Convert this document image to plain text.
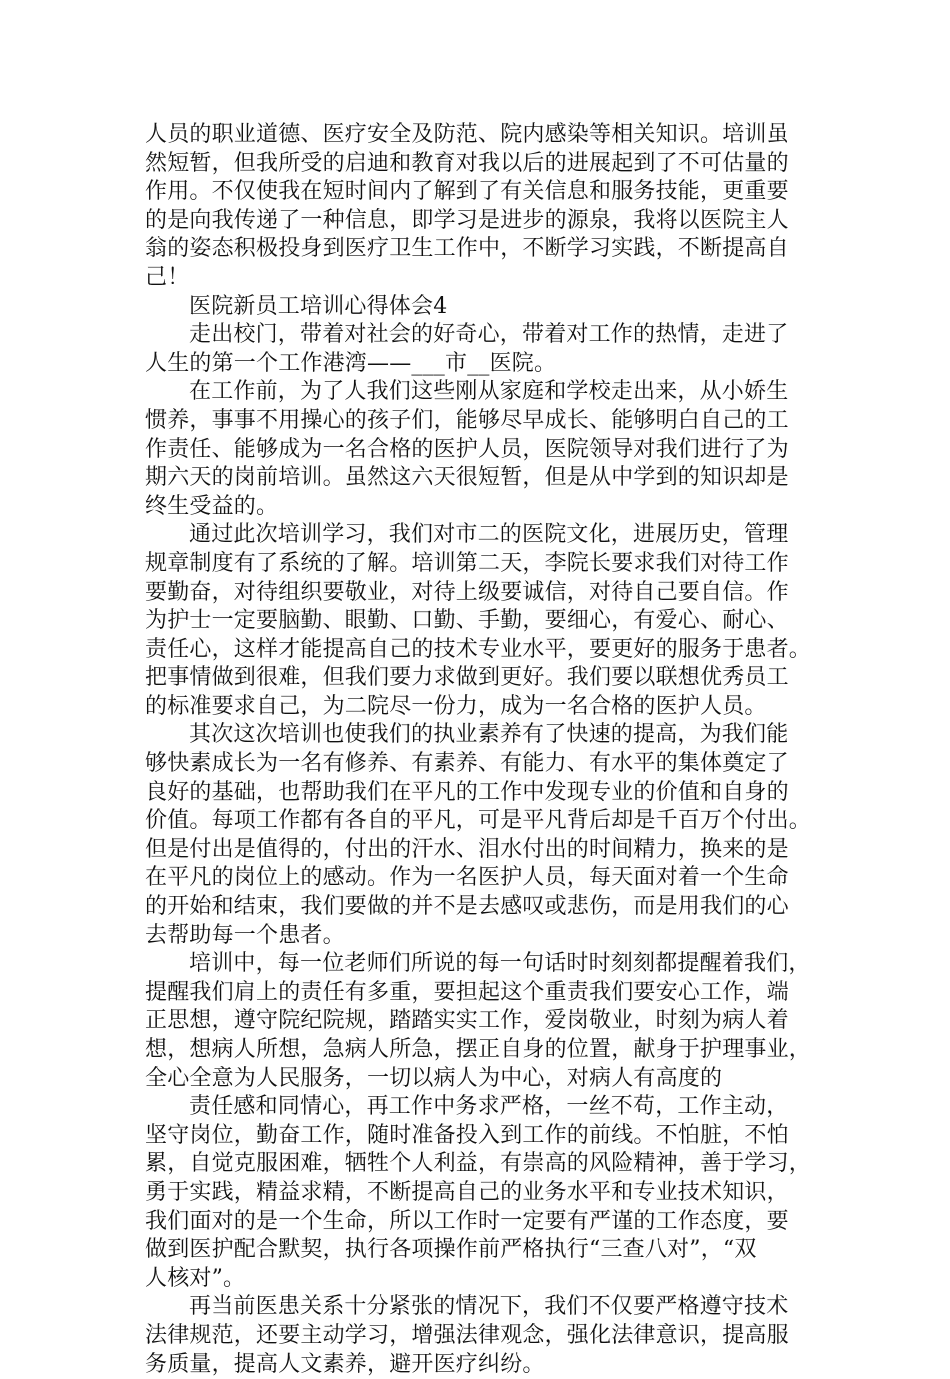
人员的职业道德、医疗安全及防范、院内感染等相关知识。培训虽
然短暂，但我所受的启迪和教育对我以后的进展起到了不可估量的
作用。不仅使我在短时间内了解到了有关信息和服务技能，更重要
的是向我传递了一种信息，即学习是进步的源泉，我将以医院主人
翁的姿态积极投身到医疗卫生工作中，不断学习实践，不断提高自
己！
医院新员工培训心得体会4
走出校门，带着对社会的好奇心，带着对工作的热情，走进了
人生的第一个工作港湾——___市__医院。
在工作前，为了人我们这些刚从家庭和学校走出来，从小娇生
惯养，事事不用操心的孩子们，能够尽早成长、能够明白自己的工
作责任、能够成为一名合格的医护人员，医院领导对我们进行了为
期六天的岗前培训。虽然这六天很短暂，但是从中学到的知识却是
终生受益的。
通过此次培训学习，我们对市二的医院文化，进展历史，管理
规章制度有了系统的了解。培训第二天，李院长要求我们对待工作
要勤奋，对待组织要敬业，对待上级要诚信，对待自己要自信。作
为护士一定要脑勤、眼勤、口勤、手勤，要细心，有爱心、耐心、
责任心，这样才能提高自己的技术专业水平，要更好的服务于患者。
把事情做到很难，但我们要力求做到更好。我们要以联想优秀员工
的标准要求自己，为二院尽一份力，成为一名合格的医护人员。
其次这次培训也使我们的执业素养有了快速的提高，为我们能
够快素成长为一名有修养、有素养、有能力、有水平的集体奠定了
良好的基础，也帮助我们在平凡的工作中发现专业的价值和自身的
价值。每项工作都有各自的平凡，可是平凡背后却是千百万个付出。
但是付出是值得的，付出的汗水、泪水付出的时间精力，换来的是
在平凡的岗位上的感动。作为一名医护人员，每天面对着一个生命
的开始和结束，我们要做的并不是去感叹或悲伤，而是用我们的心
去帮助每一个患者。
培训中，每一位老师们所说的每一句话时时刻刻都提醒着我们，
提醒我们肩上的责任有多重，要担起这个重责我们要安心工作，端
正思想，遵守院纪院规，踏踏实实工作，爱岗敬业，时刻为病人着
想，想病人所想，急病人所急，摆正自身的位置，献身于护理事业，
全心全意为人民服务，一切以病人为中心，对病人有高度的
责任感和同情心，再工作中务求严格，一丝不苟，工作主动，
坚守岗位，勤奋工作，随时准备投入到工作的前线。不怕脏，不怕
累，自觉克服困难，牺牲个人利益，有崇高的风险精神，善于学习，
勇于实践，精益求精，不断提高自己的业务水平和专业技术知识，
我们面对的是一个生命，所以工作时一定要有严谨的工作态度，要
做到医护配合默契，执行各项操作前严格执行“三查八对”，“双
人核对”。
再当前医患关系十分紧张的情况下，我们不仅要严格遵守技术
法律规范，还要主动学习，增强法律观念，强化法律意识，提高服
务质量，提高人文素养，避开医疗纠纷。
